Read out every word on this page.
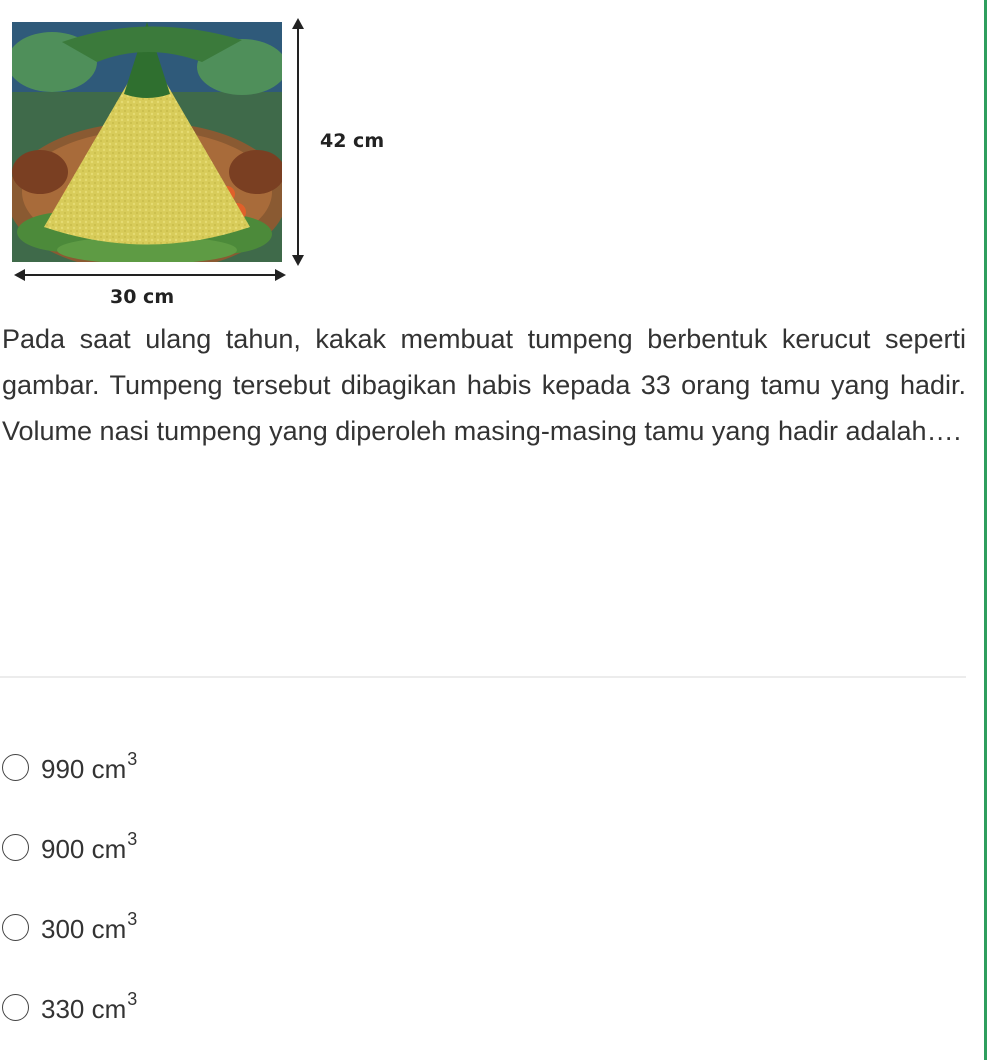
42 cm
30 cm
Pada saat ulang tahun, kakak membuat tumpeng berbentuk kerucut seperti gambar. Tumpeng tersebut dibagikan habis kepada 33 orang tamu yang hadir. Volume nasi tumpeng yang diperoleh masing-masing tamu yang hadir adalah….
990 $cm^3$
900 $cm^3$
300 $cm^3$
330 $cm^3$
